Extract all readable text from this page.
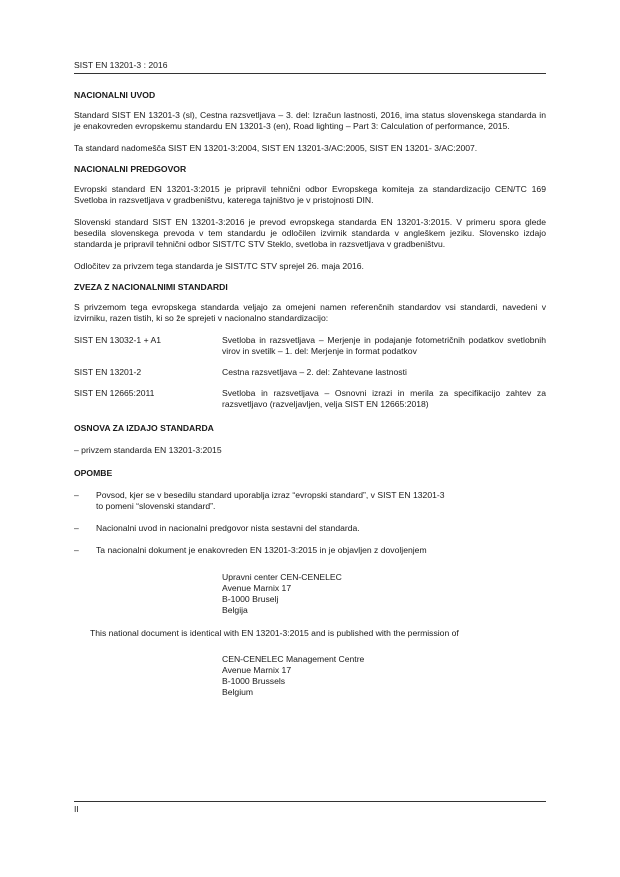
SIST EN 13201-3 : 2016
NACIONALNI UVOD

Standard SIST EN 13201-3 (sl), Cestna razsvetljava – 3. del: Izračun lastnosti, 2016, ima status slovenskega standarda in je enakovreden evropskemu standardu EN 13201-3 (en), Road lighting – Part 3: Calculation of performance, 2015.

Ta standard nadomešča SIST EN 13201-3:2004, SIST EN 13201-3/AC:2005, SIST EN 13201- 3/AC:2007.

NACIONALNI PREDGOVOR

Evropski standard EN 13201-3:2015 je pripravil tehnični odbor Evropskega komiteja za standardizacijo CEN/TC 169 Svetloba in razsvetljava v gradbeništvu, katerega tajništvo je v pristojnosti DIN.

Slovenski standard SIST EN 13201-3:2016 je prevod evropskega standarda EN 13201-3:2015. V primeru spora glede besedila slovenskega prevoda v tem standardu je odločilen izvirnik standarda v angleškem jeziku. Slovensko izdajo standarda je pripravil tehnični odbor SIST/TC STV Steklo, svetloba in razsvetljava v gradbeništvu.

Odločitev za privzem tega standarda je SIST/TC STV sprejel 26. maja 2016.

ZVEZA Z NACIONALNIMI STANDARDI

S privzemom tega evropskega standarda veljajo za omejeni namen referenčnih standardov vsi standardi, navedeni v izvirniku, razen tistih, ki so že sprejeti v nacionalno standardizacijo:

SIST EN 13032-1 + A1	Svetloba in razsvetljava – Merjenje in podajanje fotometričnih podatkov svetlobnih virov in svetilk – 1. del: Merjenje in format podatkov
SIST EN 13201-2	Cestna razsvetljava – 2. del: Zahtevane lastnosti
SIST EN 12665:2011	Svetloba in razsvetljava – Osnovni izrazi in merila za specifikacijo zahtev za razsvetljavo (razveljavljen, velja SIST EN 12665:2018)
OSNOVA ZA IZDAJO STANDARDA

– privzem standarda EN 13201-3:2015

OPOMBE
–	Povsod, kjer se v besedilu standard uporablja izraz “evropski standard”, v SIST EN 13201-3
to pomeni “slovenski standard”.
–	Nacionalni uvod in nacionalni predgovor nista sestavni del standarda.
–	Ta nacionalni dokument je enakovreden EN 13201-3:2015 in je objavljen z dovoljenjem
Upravni center CEN-CENELEC
Avenue Marnix 17
B-1000 Bruselj
Belgija

This national document is identical with EN 13201-3:2015 and is published with the permission of

CEN-CENELEC Management Centre
Avenue Marnix 17
B-1000 Brussels
Belgium
II
